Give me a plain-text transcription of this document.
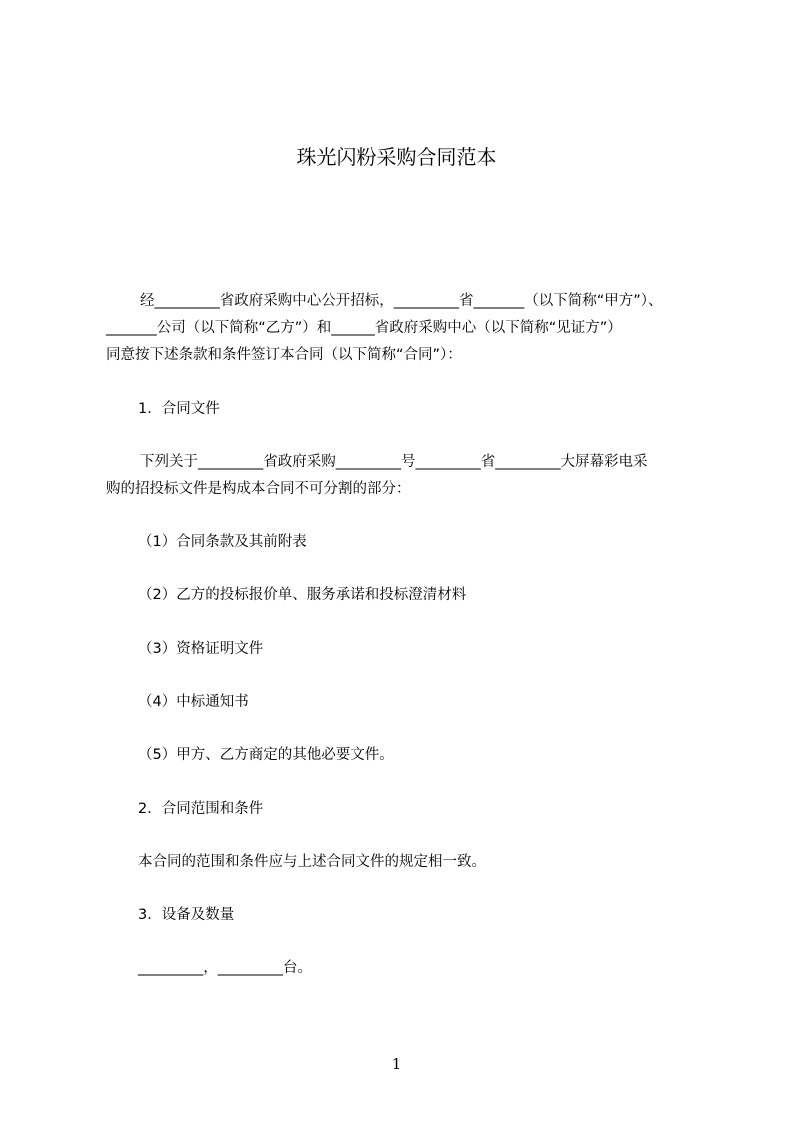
珠光闪粉采购合同范本

经_________省政府采购中心公开招标，_________省_______（以下简称“甲方”）、

_______公司（以下简称“乙方”）和______省政府采购中心（以下简称“见证方”）

同意按下述条款和条件签订本合同（以下简称“合同”）：

1．合同文件

下列关于_________省政府采购_________号_________省_________大屏幕彩电采

购的招投标文件是构成本合同不可分割的部分：

（1）合同条款及其前附表

（2）乙方的投标报价单、服务承诺和投标澄清材料

（3）资格证明文件

（4）中标通知书

（5）甲方、乙方商定的其他必要文件。

2．合同范围和条件

本合同的范围和条件应与上述合同文件的规定相一致。

3．设备及数量

_________，_________台。

1
